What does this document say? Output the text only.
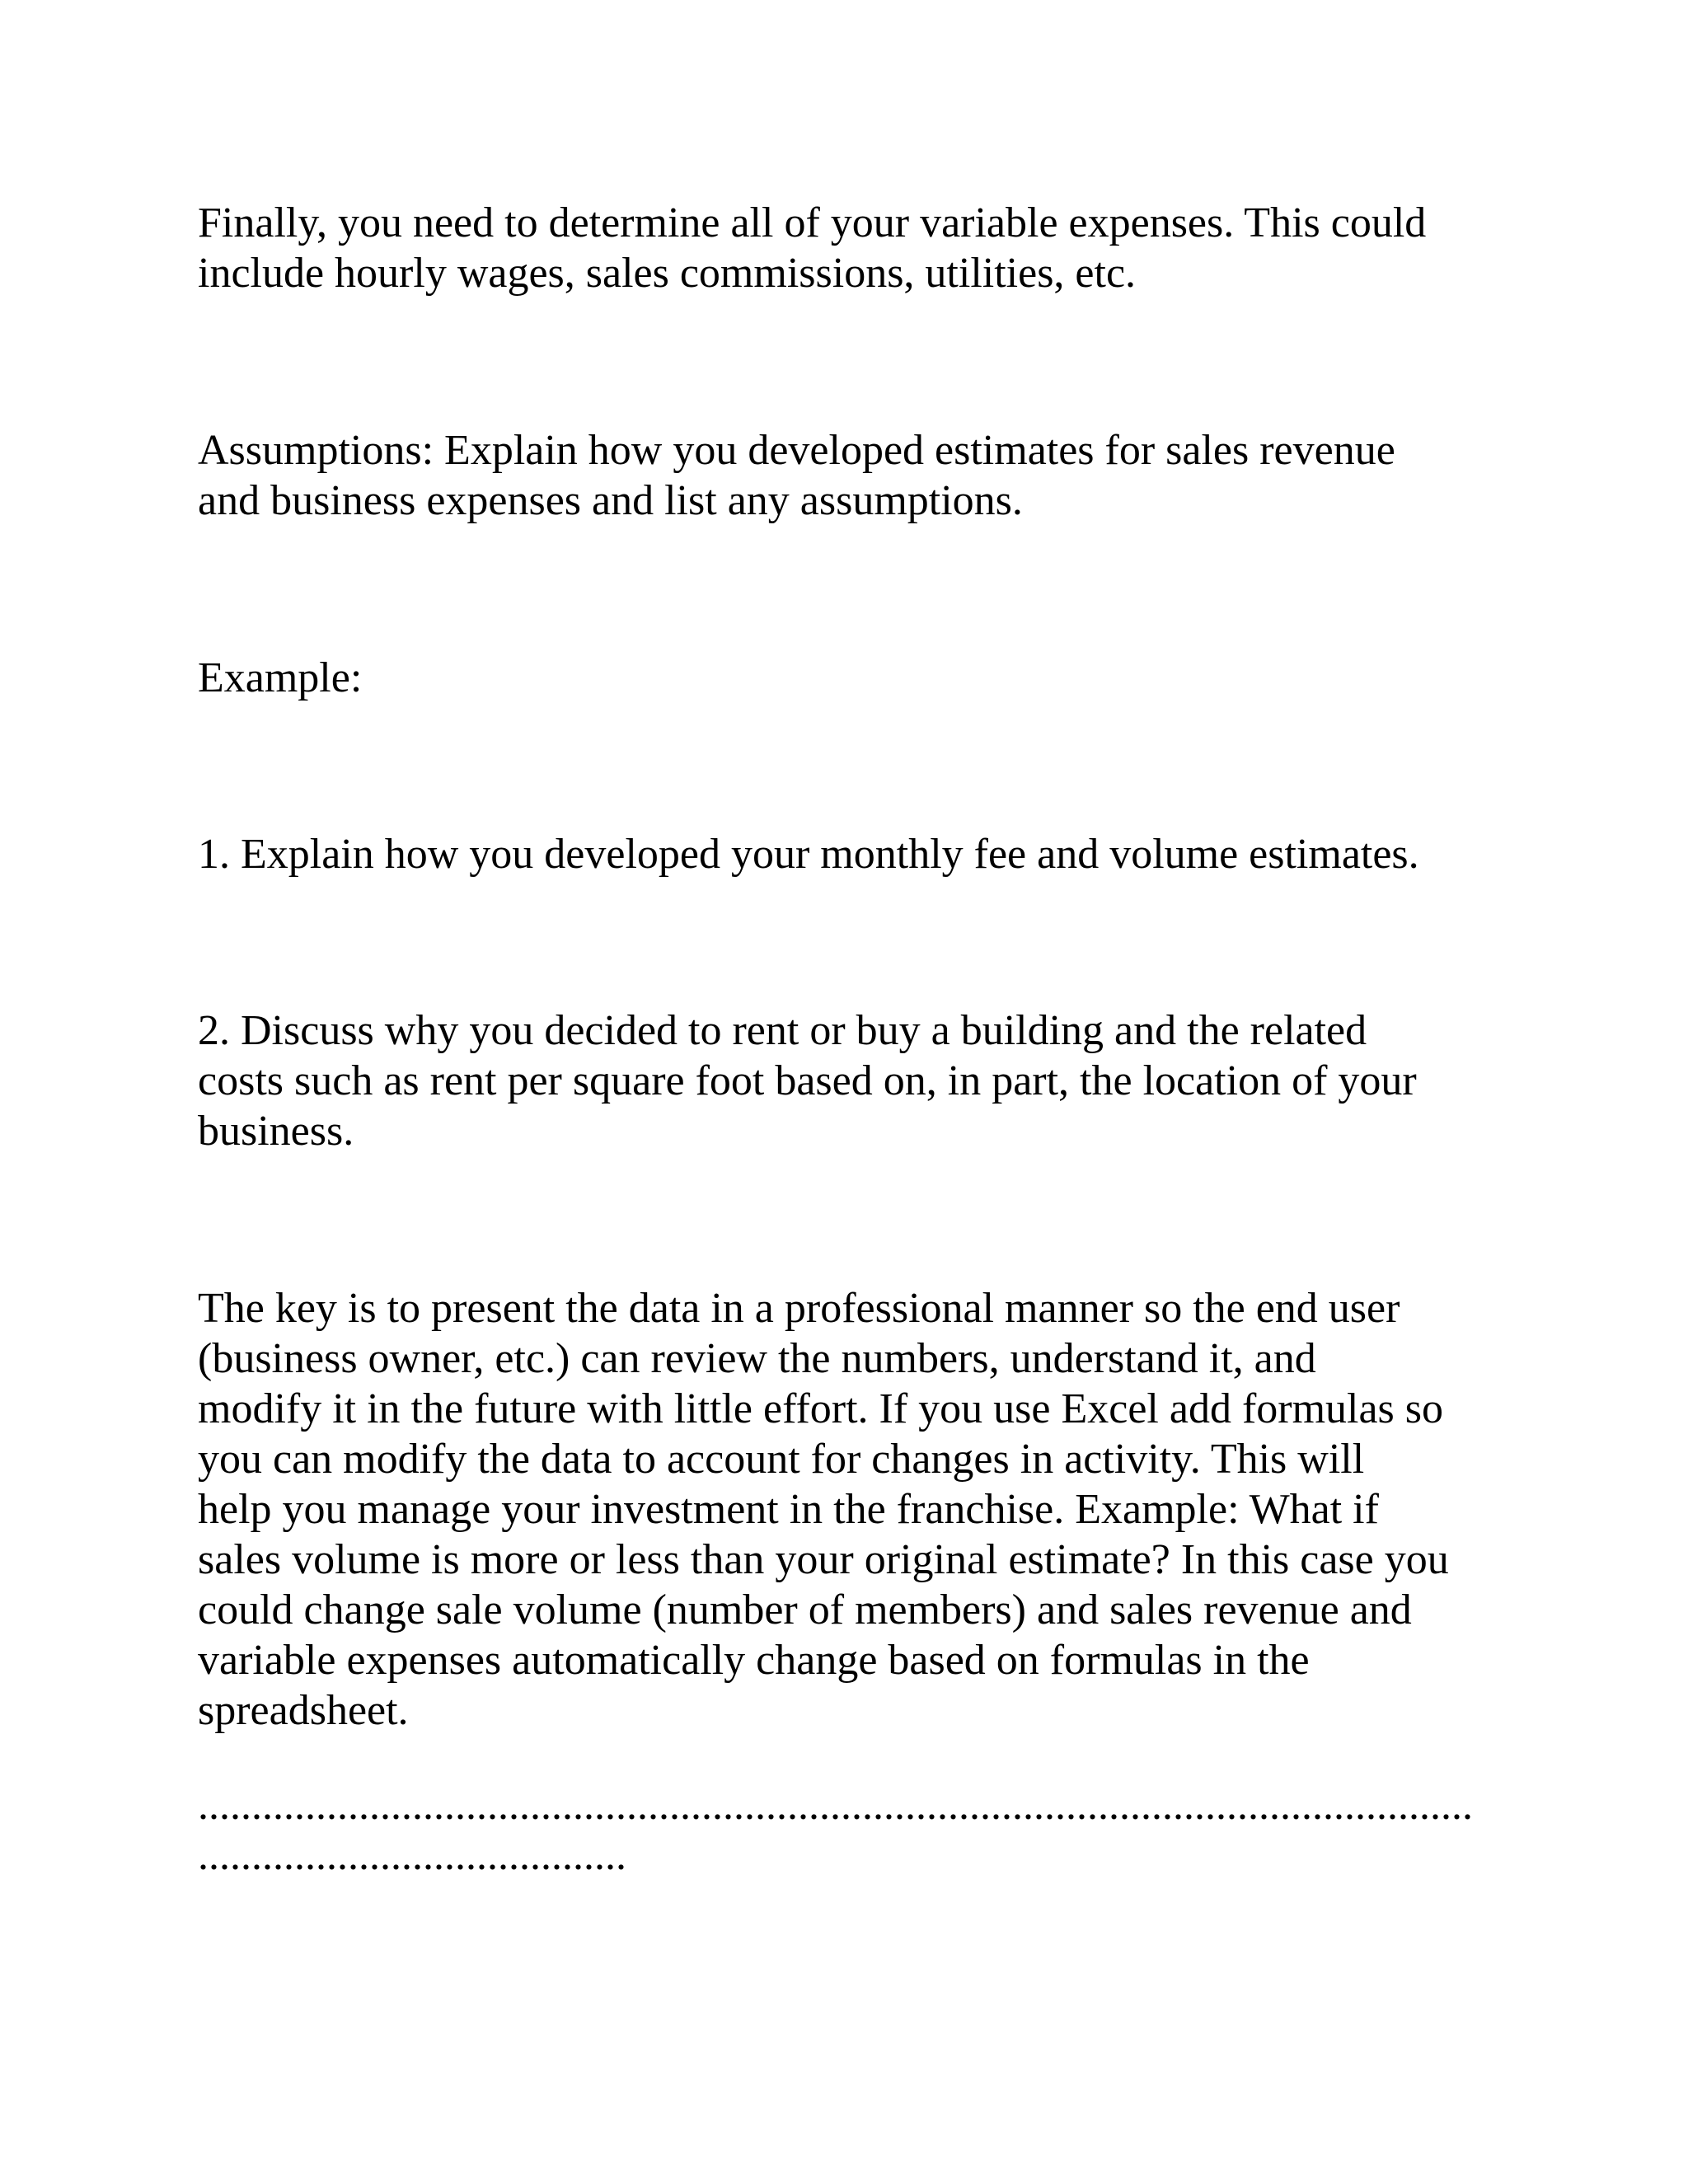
Finally, you need to determine all of your variable expenses. This could
include hourly wages, sales commissions, utilities, etc.

Assumptions: Explain how you developed estimates for sales revenue
and business expenses and list any assumptions.

Example:

1. Explain how you developed your monthly fee and volume estimates.

2. Discuss why you decided to rent or buy a building and the related
costs such as rent per square foot based on, in part, the location of your
business.

The key is to present the data in a professional manner so the end user
(business owner, etc.) can review the numbers, understand it, and
modify it in the future with little effort. If you use Excel add formulas so
you can modify the data to account for changes in activity. This will
help you manage your investment in the franchise. Example: What if
sales volume is more or less than your original estimate? In this case you
could change sale volume (number of members) and sales revenue and
variable expenses automatically change based on formulas in the
spreadsheet.

.......................................................................................................................
........................................
